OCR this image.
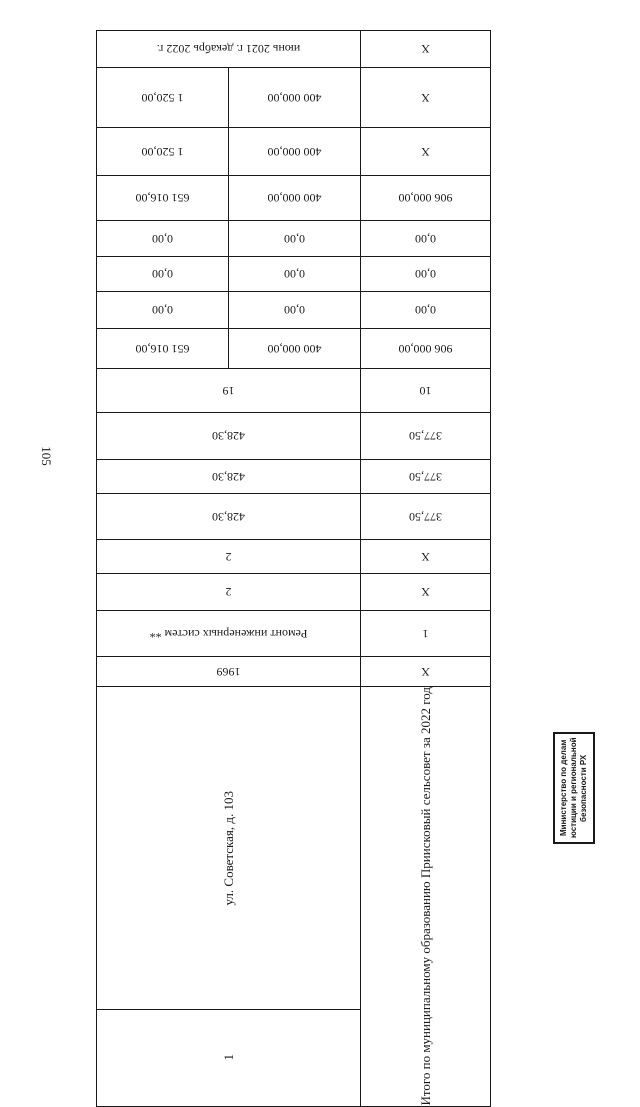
105
июнь 2021 г. декабрь 2022 г.		X

1 520,00	400 000,00	X

1 520,00	400 000,00	X

651 016,00	400 000,00	906 000,00

0,00	0,00	0,00

0,00	0,00	0,00

0,00	0,00	0,00

651 016,00	400 000,00	906 000,00

19		10

428,30		377,50

428,30		377,50

428,30		377,50

2		X

2		X

Ремонт инженерных систем **		1

1969		X

ул. Советская, д. 103		Итого по муниципальному образованию Приисковый сельсовет за 2022 год

1		
Министерство по делам юстиции и региональной безопасности РХ
